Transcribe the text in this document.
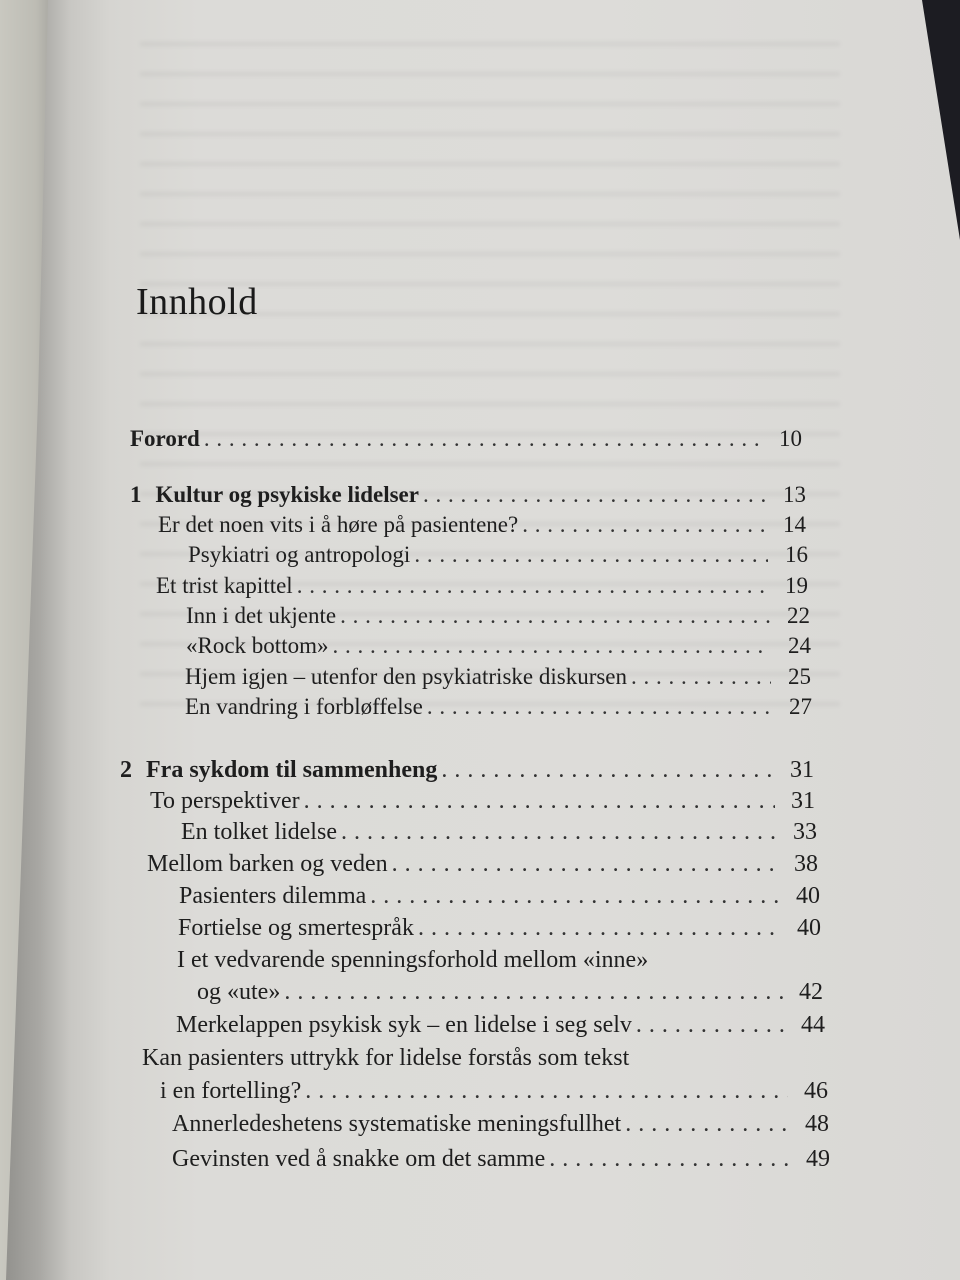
Innhold
Forord . . .	10
1 Kultur og psykiske lidelser . . .	13
Er det noen vits i å høre på pasientene? . . .	14
Psykiatri og antropologi . . .	16
Et trist kapittel . . .	19
Inn i det ukjente . . .	22
«Rock bottom» . . .	24
Hjem igjen – utenfor den psykiatriske diskursen . . .	25
En vandring i forbløffelse . . .	27
2 Fra sykdom til sammenheng . . .	31
To perspektiver . . .	31
En tolket lidelse . . .	33
Mellom barken og veden . . .	38
Pasienters dilemma . . .	40
Fortielse og smertespråk . . .	40
I et vedvarende spenningsforhold mellom «inne»
og «ute» . . .	42
Merkelappen psykisk syk – en lidelse i seg selv . . .	44
Kan pasienters uttrykk for lidelse forstås som tekst
i en fortelling? . . .	46
Annerledeshetens systematiske meningsfullhet . . .	48
Gevinsten ved å snakke om det samme . . .	49
